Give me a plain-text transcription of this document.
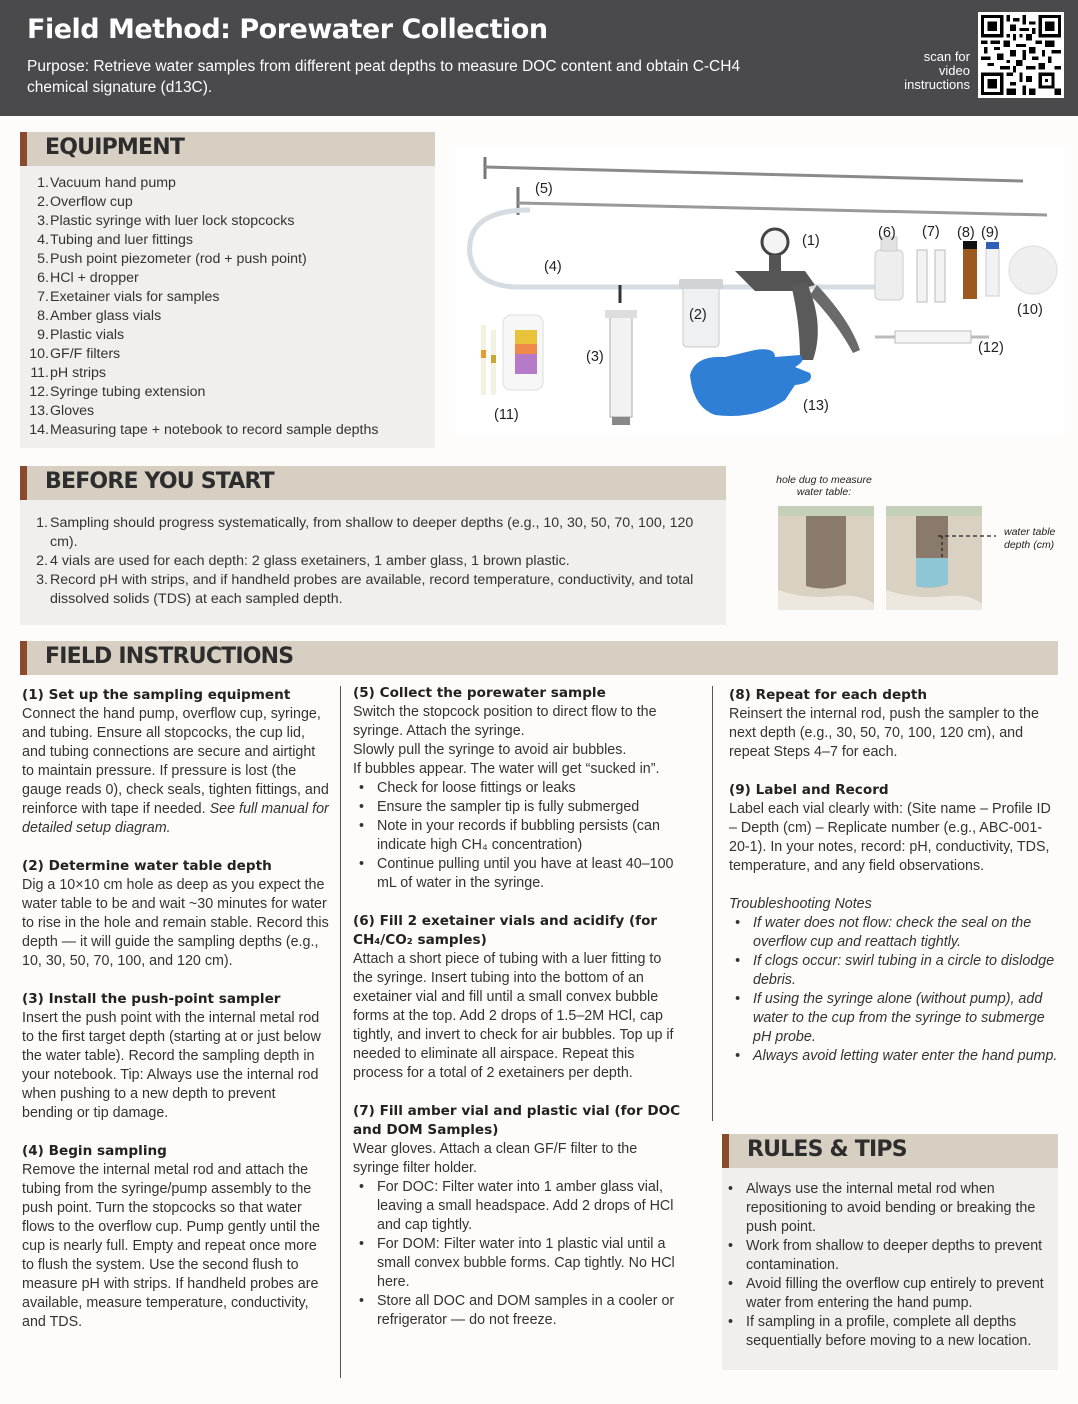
Field Method: Porewater Collection
Purpose: Retrieve water samples from different peat depths to measure DOC content and obtain C-CH4 chemical signature (d13C).
scan for
video
instructions
EQUIPMENT
1. Vacuum hand pump
2. Overflow cup
3. Plastic syringe with luer lock stopcocks
4. Tubing and luer fittings
5. Push point piezometer (rod + push point)
6. HCl + dropper
7. Exetainer vials for samples
8. Amber glass vials
9. Plastic vials
10. GF/F filters
11. pH strips
12. Syringe tubing extension
13. Gloves
14. Measuring tape + notebook to record sample depths
(5)
(4)
(1)	(6) (7) (8) (9)
(10)
(2)
(3)
(12)
(13)
(11)
BEFORE YOU START
1. Sampling should progress systematically, from shallow to deeper depths (e.g., 10, 30, 50, 70, 100, 120 cm).
2. 4 vials are used for each depth: 2 glass exetainers, 1 amber glass, 1 brown plastic.
3. Record pH with strips, and if handheld probes are available, record temperature, conductivity, and total dissolved solids (TDS) at each sampled depth.
hole dug to measure
water table:
water table
depth (cm)
FIELD INSTRUCTIONS
(1) Set up the sampling equipment

Connect the hand pump, overflow cup, syringe, and tubing. Ensure all stopcocks, the cup lid, and tubing connections are secure and airtight to maintain pressure. If pressure is lost (the gauge reads 0), check seals, tighten fittings, and reinforce with tape if needed. See full manual for detailed setup diagram.

(2) Determine water table depth

Dig a 10×10 cm hole as deep as you expect the water table to be and wait ~30 minutes for water to rise in the hole and remain stable. Record this depth — it will guide the sampling depths (e.g., 10, 30, 50, 70, 100, and 120 cm).

(3) Install the push-point sampler

Insert the push point with the internal metal rod to the first target depth (starting at or just below the water table). Record the sampling depth in your notebook. Tip: Always use the internal rod when pushing to a new depth to prevent bending or tip damage.

(4) Begin sampling

Remove the internal metal rod and attach the tubing from the syringe/pump assembly to the push point. Turn the stopcocks so that water flows to the overflow cup. Pump gently until the cup is nearly full. Empty and repeat once more to flush the system. Use the second flush to measure pH with strips. If handheld probes are available, measure temperature, conductivity, and TDS.

(5) Collect the porewater sample

Switch the stopcock position to direct flow to the syringe. Attach the syringe.

Slowly pull the syringe to avoid air bubbles.

If bubbles appear. The water will get “sucked in”.

• Check for loose fittings or leaks
• Ensure the sampler tip is fully submerged
• Note in your records if bubbling persists (can indicate high CH₄ concentration)
• Continue pulling until you have at least 40–100 mL of water in the syringe.
(6) Fill 2 exetainer vials and acidify (for CH₄/CO₂ samples)

Attach a short piece of tubing with a luer fitting to the syringe. Insert tubing into the bottom of an exetainer vial and fill until a small convex bubble forms at the top. Add 2 drops of 1.5–2M HCl, cap tightly, and invert to check for air bubbles. Top up if needed to eliminate all airspace. Repeat this process for a total of 2 exetainers per depth.

(7) Fill amber vial and plastic vial (for DOC and DOM Samples)

Wear gloves. Attach a clean GF/F filter to the syringe filter holder.

• For DOC: Filter water into 1 amber glass vial, leaving a small headspace. Add 2 drops of HCl and cap tightly.
• For DOM: Filter water into 1 plastic vial until a small convex bubble forms. Cap tightly. No HCl here.
• Store all DOC and DOM samples in a cooler or refrigerator — do not freeze.
(8) Repeat for each depth

Reinsert the internal rod, push the sampler to the next depth (e.g., 30, 50, 70, 100, 120 cm), and repeat Steps 4–7 for each.

(9) Label and Record

Label each vial clearly with: (Site name – Profile ID – Depth (cm) – Replicate number (e.g., ABC-001-20-1). In your notes, record: pH, conductivity, TDS, temperature, and any field observations.

Troubleshooting Notes

• If water does not flow: check the seal on the overflow cup and reattach tightly.
• If clogs occur: swirl tubing in a circle to dislodge debris.
• If using the syringe alone (without pump), add water to the cup from the syringe to submerge pH probe.
• Always avoid letting water enter the hand pump.
RULES & TIPS
• Always use the internal metal rod when repositioning to avoid bending or breaking the push point.
• Work from shallow to deeper depths to prevent contamination.
• Avoid filling the overflow cup entirely to prevent water from entering the hand pump.
• If sampling in a profile, complete all depths sequentially before moving to a new location.
